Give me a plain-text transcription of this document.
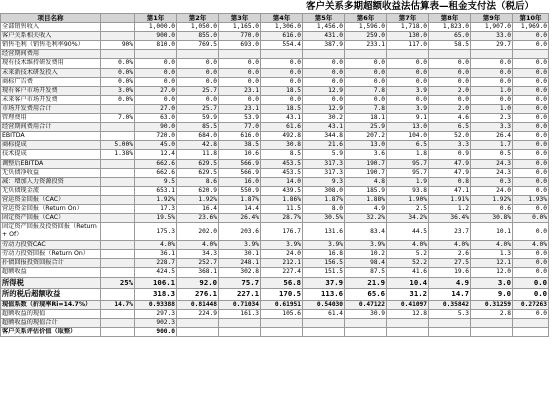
客户关系多期超额收益法估算表—租金支付法（税后）
项目名称		第1年	第2年	第3年	第4年	第5年	第6年	第7年	第8年	第9年	第10年
全部销售收入		1,000.0	1,050.0	1,165.0	1,306.0	1,456.0	1,596.0	1,718.0	1,823.0	1,907.0	1,969.0
客户关系相关收入		900.0	855.0	770.0	616.0	431.0	259.0	130.0	65.0	33.0	0.0
销售毛利（销售毛利率90%）	90%	810.0	769.5	693.0	554.4	387.9	233.1	117.0	58.5	29.7	0.0
经营期间费用											
现有技术维持研发费用	0.0%	0.0	0.0	0.0	0.0	0.0	0.0	0.0	0.0	0.0	0.0
未来新技术研发投入	0.0%	0.0	0.0	0.0	0.0	0.0	0.0	0.0	0.0	0.0	0.0
商标广告费	0.0%	0.0	0.0	0.0	0.0	0.0	0.0	0.0	0.0	0.0	0.0
现有客户市场开发费	3.0%	27.0	25.7	23.1	18.5	12.9	7.8	3.9	2.0	1.0	0.0
未来客户市场开发费	0.0%	0.0	0.0	0.0	0.0	0.0	0.0	0.0	0.0	0.0	0.0
市场开发费用合计		27.0	25.7	23.1	18.5	12.9	7.8	3.9	2.0	1.0	0.0
管理费用	7.0%	63.0	59.9	53.9	43.1	30.2	18.1	9.1	4.6	2.3	0.0
经营期间费用合计		90.0	85.5	77.0	61.6	43.1	25.9	13.0	6.5	3.3	0.0
EBITDA		720.0	684.0	616.0	492.8	344.8	207.2	104.0	52.0	26.4	0.0
商标提成	5.00%	45.0	42.8	38.5	30.8	21.6	13.0	6.5	3.3	1.7	0.0
技术提成	1.38%	12.4	11.8	10.6	8.5	5.9	3.6	1.8	0.9	0.5	0.0
调整后EBITDA		662.6	629.5	566.9	453.5	317.3	190.7	95.7	47.9	24.3	0.0
无负债净收益		662.6	629.5	566.9	453.5	317.3	190.7	95.7	47.9	24.3	0.0
减：增加人力资源投资		9.5	8.6	16.0	14.0	9.3	4.8	1.9	0.8	0.3	0.0
无负债现金流		653.1	620.9	550.9	439.5	308.0	185.9	93.8	47.1	24.0	0.0
营运资金回报（CAC）		1.92%	1.92%	1.87%	1.86%	1.87%	1.88%	1.90%	1.91%	1.92%	1.93%
营运资金回报（Return On）		17.3	16.4	14.4	11.5	8.0	4.9	2.5	1.2	0.6	0.0
固定资产回报（CAC）		19.5%	23.6%	26.4%	28.7%	30.5%	32.2%	34.2%	36.4%	30.8%	0.0%
固定资产回报及投资回报（Return + Of）		175.3	202.0	203.6	176.7	131.6	83.4	44.5	23.7	10.1	0.0
劳动力投资CAC		4.0%	4.0%	3.9%	3.9%	3.9%	3.9%	4.0%	4.0%	4.0%	4.0%
劳动力投资回报（Return On）		36.1	34.3	30.1	24.0	16.8	10.2	5.2	2.6	1.3	0.0
扑债回报投资回报合计		228.7	252.7	248.1	212.1	156.5	98.4	52.2	27.5	12.1	0.0
超额收益		424.5	368.1	302.8	227.4	151.5	87.5	41.6	19.6	12.0	0.0
所得税	25%	106.1	92.0	75.7	56.8	37.9	21.9	10.4	4.9	3.0	0.0
所的税后超额收益		318.3	276.1	227.1	170.5	113.6	65.6	31.2	14.7	9.0	0.0
现值系数（折现率Ri=14.7%）	14.7%	0.93388	0.81448	0.71034	0.61951	0.54030	0.47122	0.41097	0.35842	0.31259	0.27263
超额收益的现值		297.3	224.9	161.3	105.6	61.4	30.9	12.8	5.3	2.8	0.0
超额收益的现值合计		902.3									
客户关系评估价值（取整）		900.0									
